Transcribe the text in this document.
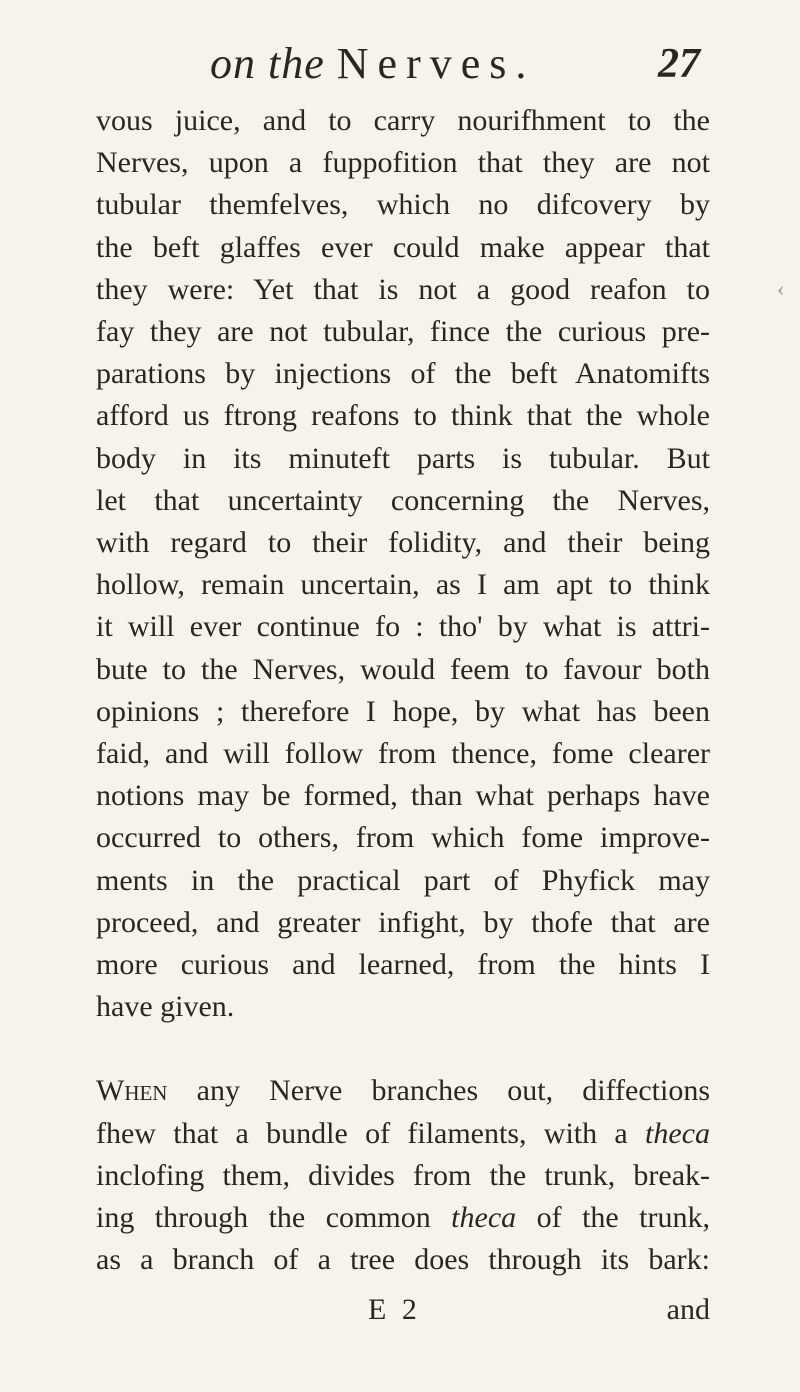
on the Nerves.	27
‹
vous juice, and to carry nourifhment to the
Nerves, upon a fuppofition that they are not
tubular themfelves, which no difcovery by
the beft glaffes ever could make appear that
they were: Yet that is not a good reafon to
fay they are not tubular, fince the curious pre-
parations by injections of the beft Anatomifts
afford us ftrong reafons to think that the whole
body in its minuteft parts is tubular. But
let that uncertainty concerning the Nerves,
with regard to their folidity, and their being
hollow, remain uncertain, as I am apt to think
it will ever continue fo : tho' by what is attri-
bute to the Nerves, would feem to favour both
opinions ; therefore I hope, by what has been
faid, and will follow from thence, fome clearer
notions may be formed, than what perhaps have
occurred to others, from which fome improve-
ments in the practical part of Phyfick may
proceed, and greater infight, by thofe that are
more curious and learned, from the hints I
have given.
When any Nerve branches out, diffections
fhew that a bundle of filaments, with a theca
inclofing them, divides from the trunk, break-
ing through the common theca of the trunk,
as a branch of a tree does through its bark:
E 2	and
